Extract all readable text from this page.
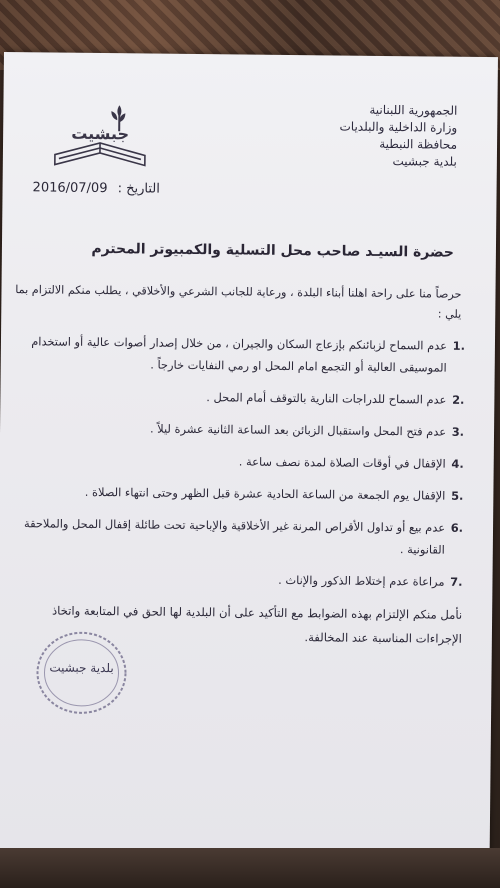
جبشيت
الجمهورية اللبنانية
وزارة الداخلية والبلديات
محافظة النبطية
بلدية جبشيت
التاريخ : 2016/07/09
حضرة السيـد صاحب محل التسلية والكمبيوتر المحترم
حرصاً منا على راحة اهلنا أبناء البلدة ، ورعاية للجانب الشرعي والأخلاقي ، يطلب منكم الالتزام بما يلي :
1.
عدم السماح لزبائنكم بإزعاج السكان والجيران ، من خلال إصدار أصوات عالية أو استخدام الموسيقى العالية أو التجمع امام المحل او رمي النفايات خارجاً .
2.
عدم السماح للدراجات النارية بالتوقف أمام المحل .
3.
عدم فتح المحل واستقبال الزبائن بعد الساعة الثانية عشرة ليلاً .
4.
الإقفال في أوقات الصلاة لمدة نصف ساعة .
5.
الإقفال يوم الجمعة من الساعة الحادية عشرة قبل الظهر وحتى انتهاء الصلاة .
6.
عدم بيع أو تداول الأقراص المرنة غير الأخلاقية والإباحية تحت طائلة إقفال المحل والملاحقة القانونية .
7.
مراعاة عدم إختلاط الذكور والإناث .
نأمل منكم الإلتزام بهذه الضوابط مع التأكيد على أن البلدية لها الحق في المتابعة واتخاذ الإجراءات المناسبة عند المخالفة.
بلدية جبشيت
